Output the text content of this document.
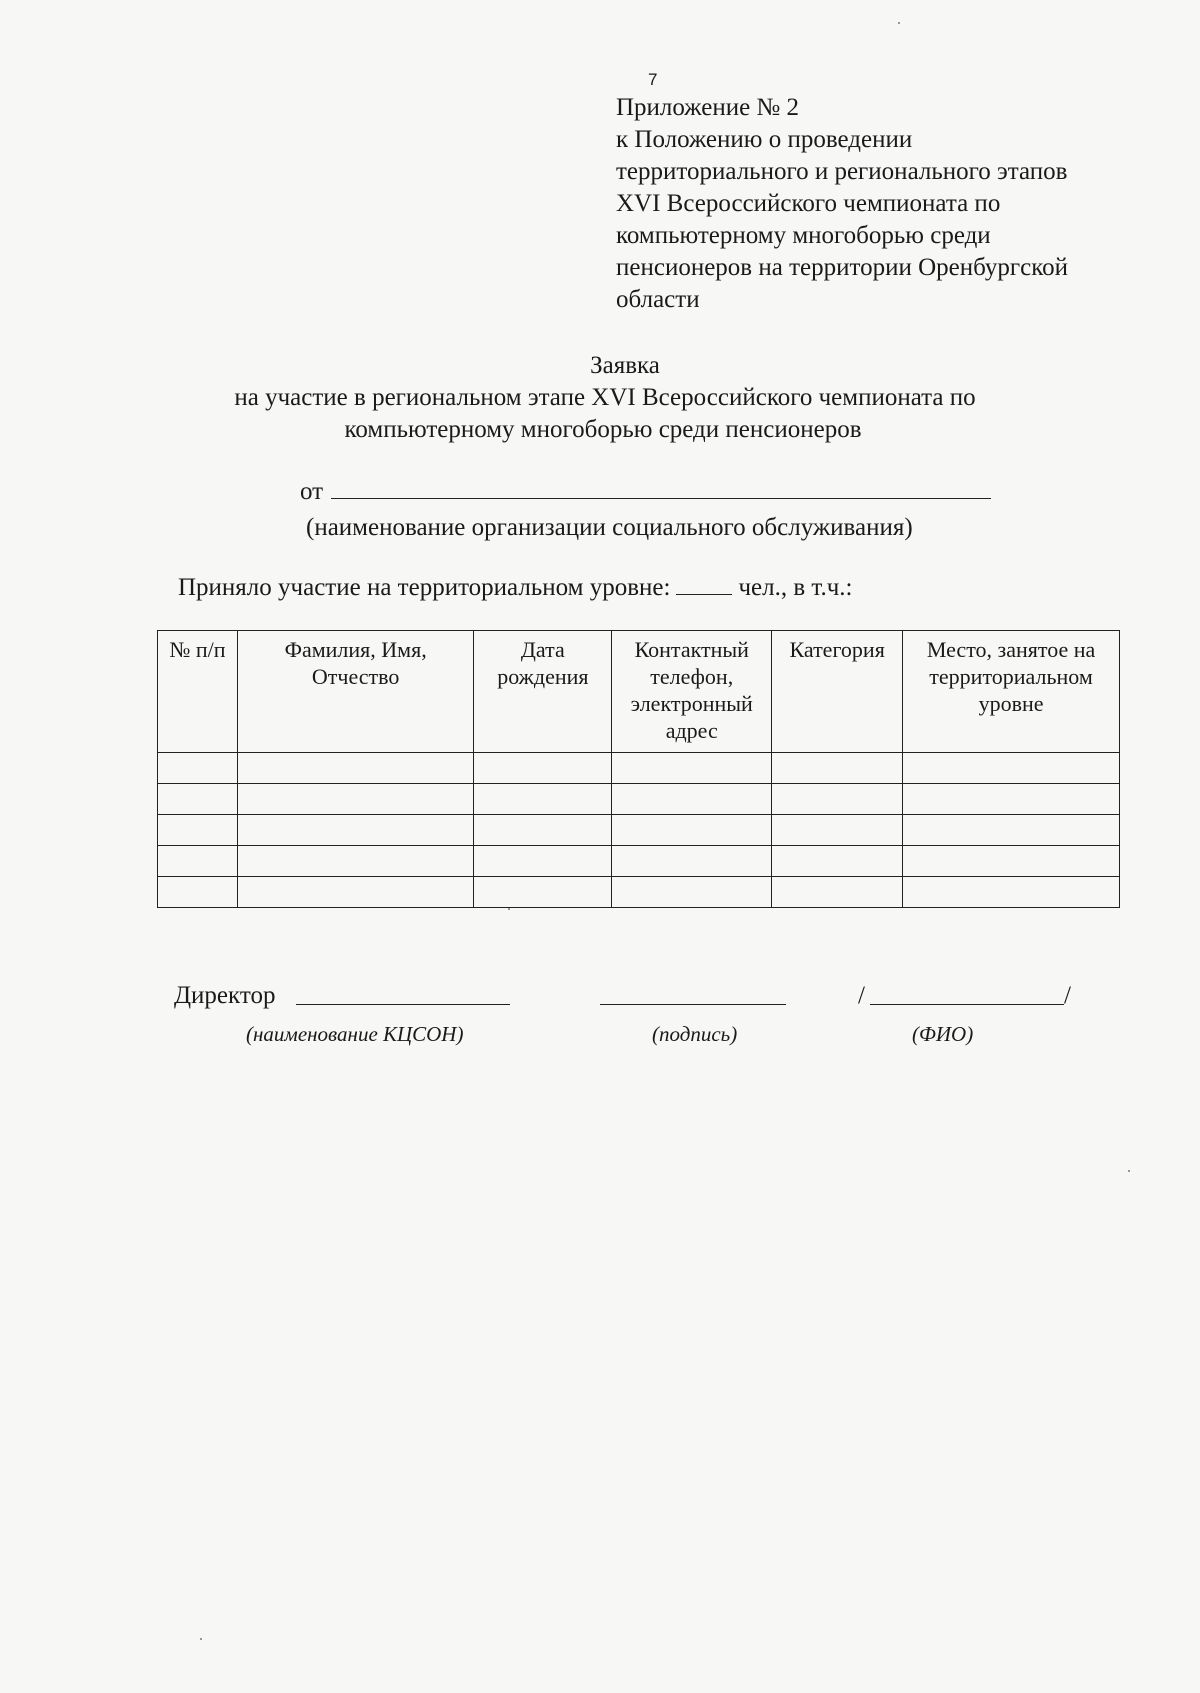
7
Приложение № 2
к Положению о проведении
территориального и регионального этапов
XVI Всероссийского чемпионата по
компьютерному многоборью среди
пенсионеров на территории Оренбургской
области
Заявка
на участие в региональном этапе XVI Всероссийского чемпионата по
компьютерному многоборью среди пенсионеров
от
(наименование организации социального обслуживания)
Приняло участие на территориальном уровне:	чел., в т.ч.:
№ п/п	Фамилия, Имя, Отчество	Дата рождения	Контактный телефон, электронный адрес	Категория	Место, занятое на территориальном уровне

Директор
(наименование КЦСОН)	(подпись)
/	/
(ФИО)
